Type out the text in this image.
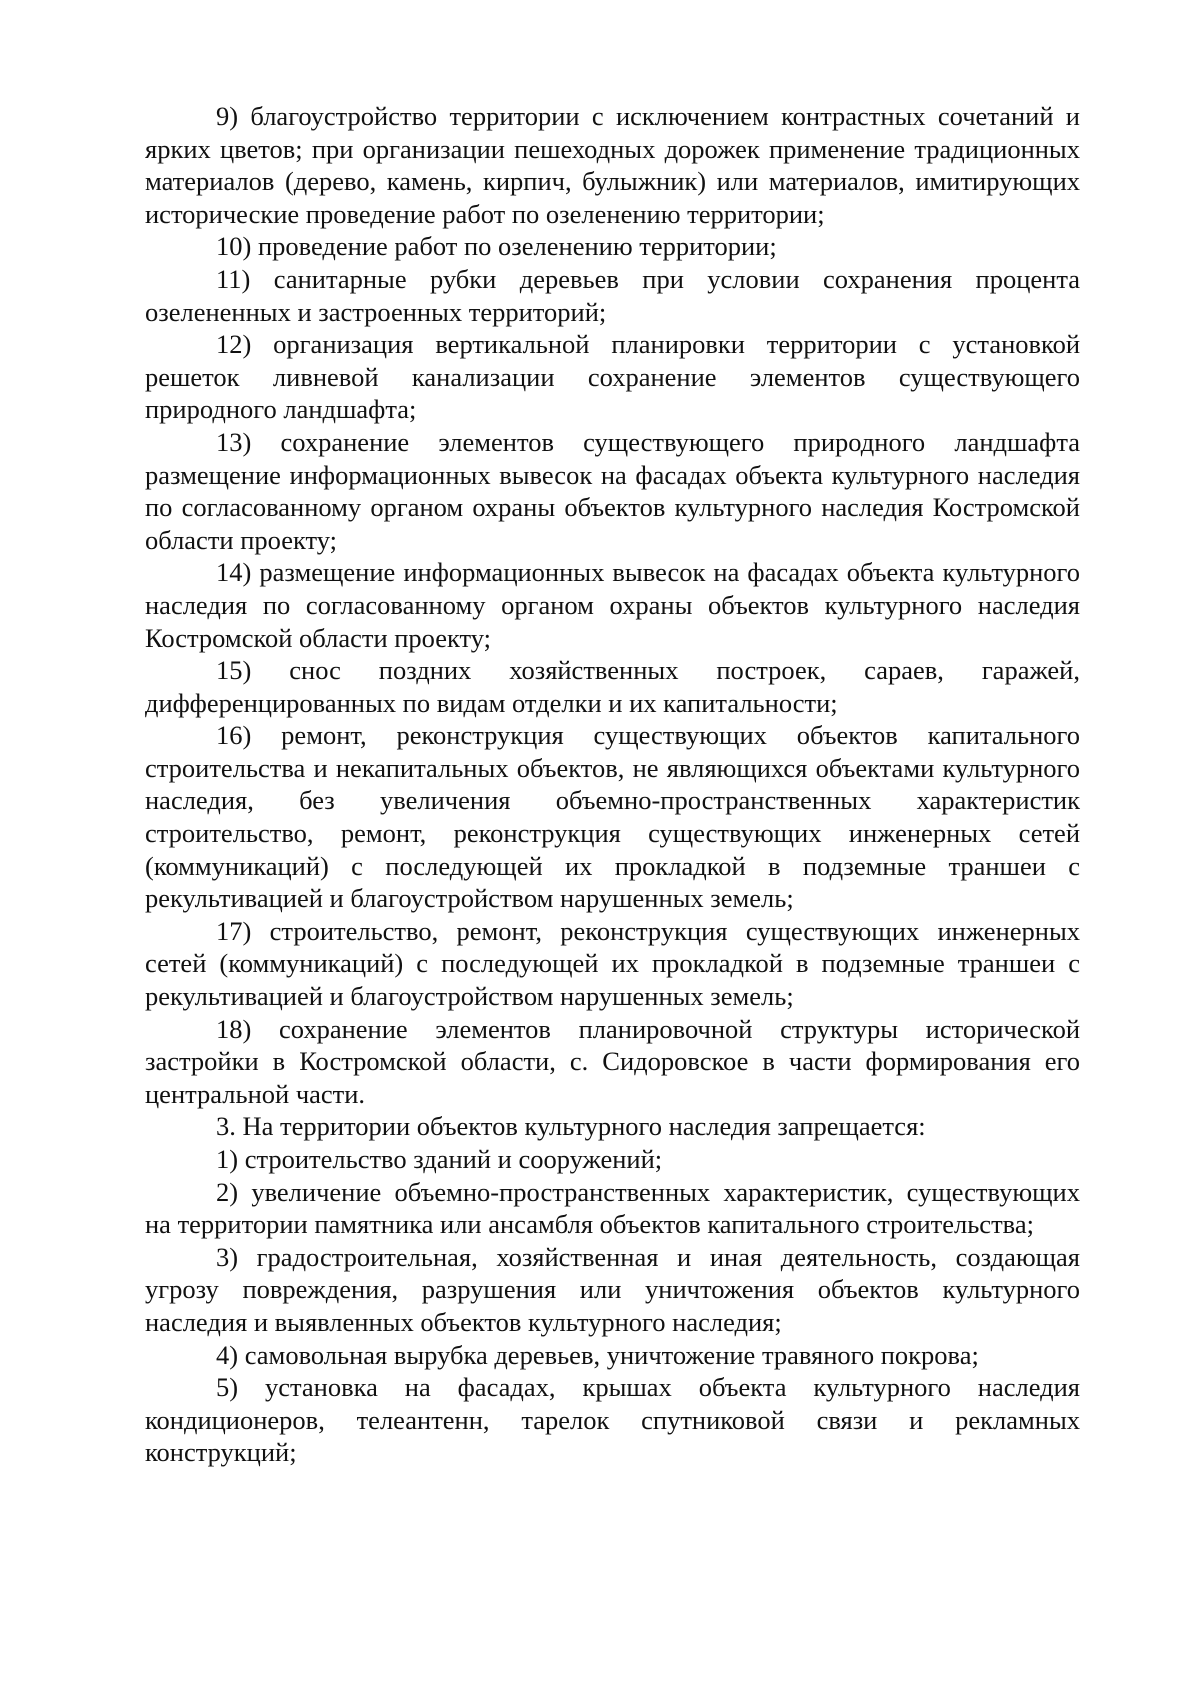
9) благоустройство территории с исключением контрастных сочетаний и ярких цветов; при организации пешеходных дорожек применение традиционных материалов (дерево, камень, кирпич, булыжник) или материалов, имитирующих исторические проведение работ по озеленению территории;

10) проведение работ по озеленению территории;

11) санитарные рубки деревьев при условии сохранения процента озелененных и застроенных территорий;

12) организация вертикальной планировки территории с установкой решеток ливневой канализации сохранение элементов существующего природного ландшафта;

13) сохранение элементов существующего природного ландшафта размещение информационных вывесок на фасадах объекта культурного наследия по согласованному органом охраны объектов культурного наследия Костромской области проекту;

14) размещение информационных вывесок на фасадах объекта культурного наследия по согласованному органом охраны объектов культурного наследия Костромской области проекту;

15) снос поздних хозяйственных построек, сараев, гаражей, дифференцированных по видам отделки и их капитальности;

16) ремонт, реконструкция существующих объектов капитального строительства и некапитальных объектов, не являющихся объектами культурного наследия, без увеличения объемно-пространственных характеристик строительство, ремонт, реконструкция существующих инженерных сетей (коммуникаций) с последующей их прокладкой в подземные траншеи с рекультивацией и благоустройством нарушенных земель;

17) строительство, ремонт, реконструкция существующих инженерных сетей (коммуникаций) с последующей их прокладкой в подземные траншеи с рекультивацией и благоустройством нарушенных земель;

18) сохранение элементов планировочной структуры исторической застройки в Костромской области, с. Сидоровское в части формирования его центральной части.

3. На территории объектов культурного наследия запрещается:

1) строительство зданий и сооружений;

2) увеличение объемно-пространственных характеристик, существующих на территории памятника или ансамбля объектов капитального строительства;

3) градостроительная, хозяйственная и иная деятельность, создающая угрозу повреждения, разрушения или уничтожения объектов культурного наследия и выявленных объектов культурного наследия;

4) самовольная вырубка деревьев, уничтожение травяного покрова;

5) установка на фасадах, крышах объекта культурного наследия кондиционеров, телеантенн, тарелок спутниковой связи и рекламных конструкций;
